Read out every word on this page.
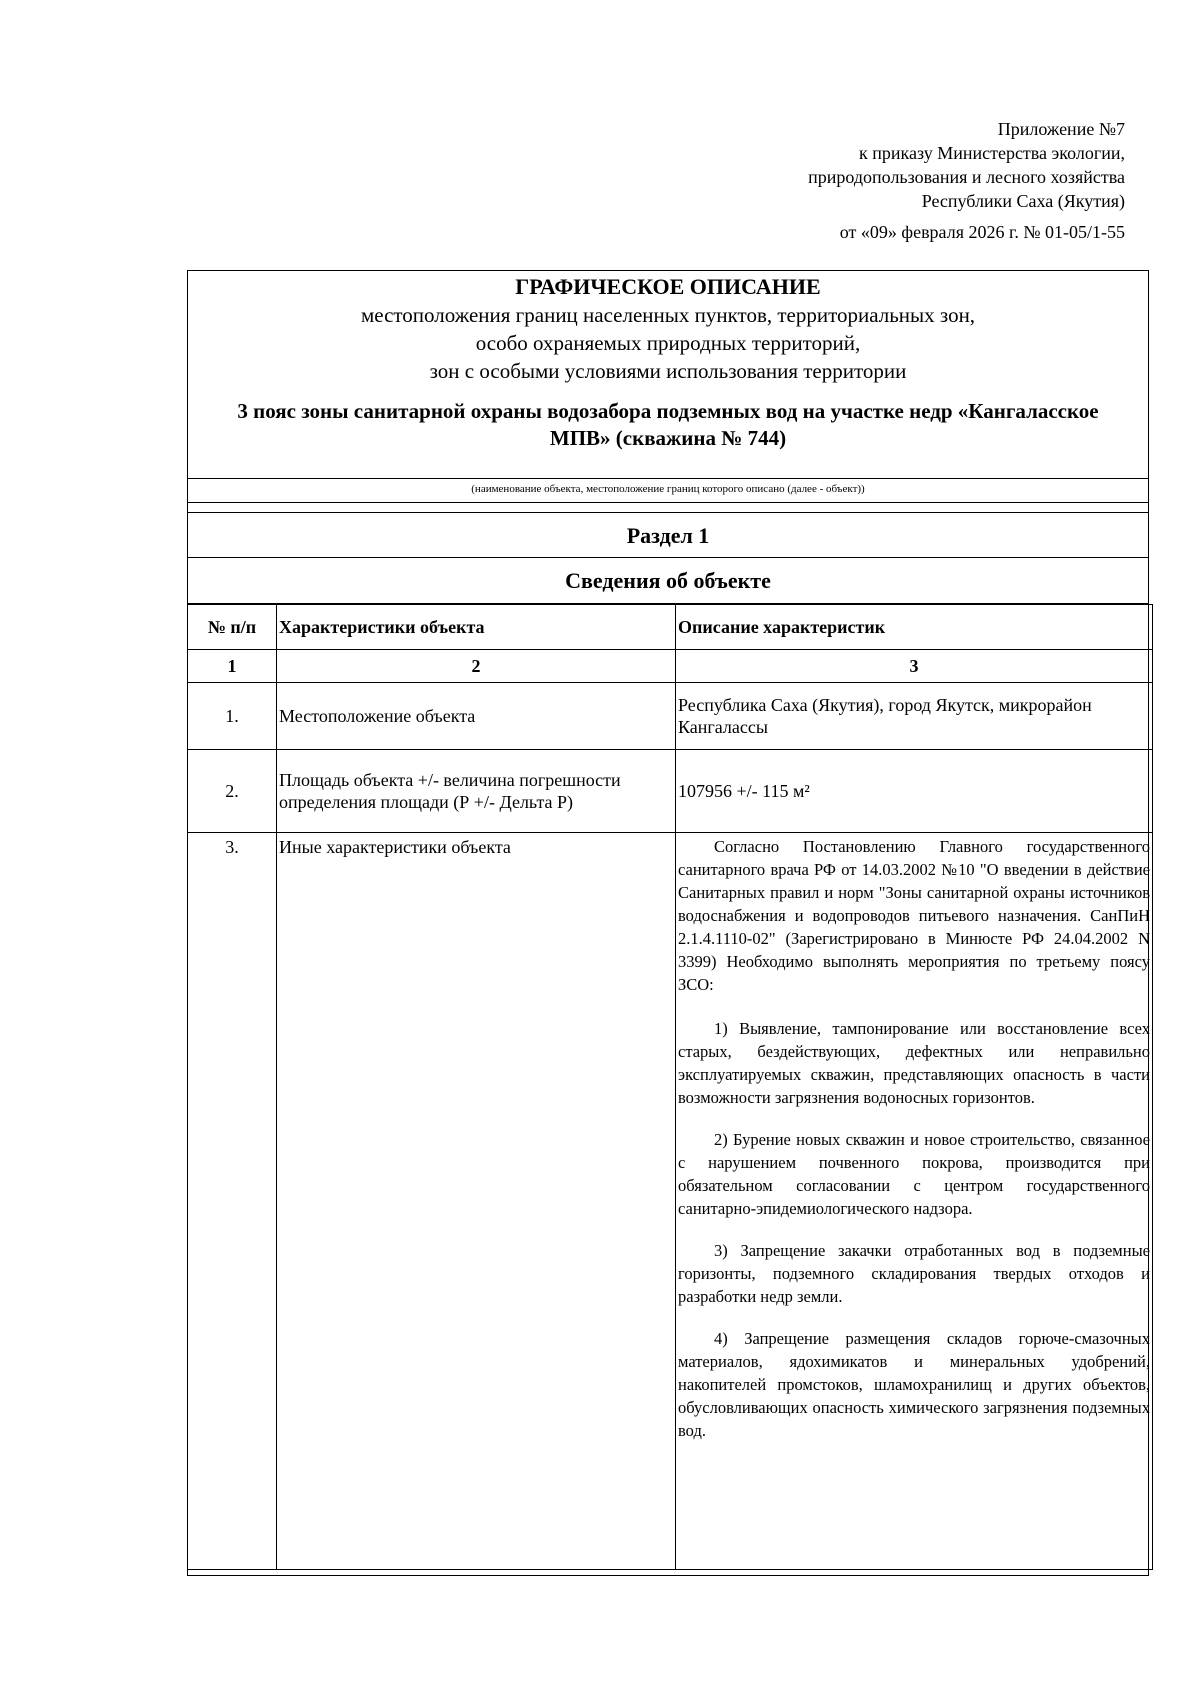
Приложение №7
к приказу Министерства экологии,
природопользования и лесного хозяйства
Республики Саха (Якутия)
от «09» февраля 2026 г. № 01-05/1-55
ГРАФИЧЕСКОЕ ОПИСАНИЕ
местоположения границ населенных пунктов, территориальных зон,
особо охраняемых природных территорий,
зон с особыми условиями использования территории
3 пояс зоны санитарной охраны водозабора подземных вод на участке недр «Кангаласское МПВ» (скважина № 744)
(наименование объекта, местоположение границ которого описано (далее - объект))
Раздел 1
Сведения об объекте
№ п/п	Характеристики объекта	Описание характеристик
1	2	3
1.	Местоположение объекта	Республика Саха (Якутия), город Якутск, микрорайон Кангалассы
2.	Площадь объекта +/- величина погрешности определения площади (Р +/- Дельта Р)	107956 +/- 115 м²
3.	Иные характеристики объекта	Согласно Постановлению Главного государственного санитарного врача РФ от 14.03.2002 №10 "О введении в действие Санитарных правил и норм "Зоны санитарной охраны источников водоснабжения и водопроводов питьевого назначения. СанПиН 2.1.4.1110-02" (Зарегистрировано в Минюсте РФ 24.04.2002 N 3399) Необходимо выполнять мероприятия по третьему поясу ЗСО:

1) Выявление, тампонирование или восстановление всех старых, бездействующих, дефектных или неправильно эксплуатируемых скважин, представляющих опасность в части возможности загрязнения водоносных горизонтов.

2) Бурение новых скважин и новое строительство, связанное с нарушением почвенного покрова, производится при обязательном согласовании с центром государственного санитарно-эпидемиологического надзора.

3) Запрещение закачки отработанных вод в подземные горизонты, подземного складирования твердых отходов и разработки недр земли.

4) Запрещение размещения складов горюче-смазочных материалов, ядохимикатов и минеральных удобрений, накопителей промстоков, шламохранилищ и других объектов, обусловливающих опасность химического загрязнения подземных вод.
